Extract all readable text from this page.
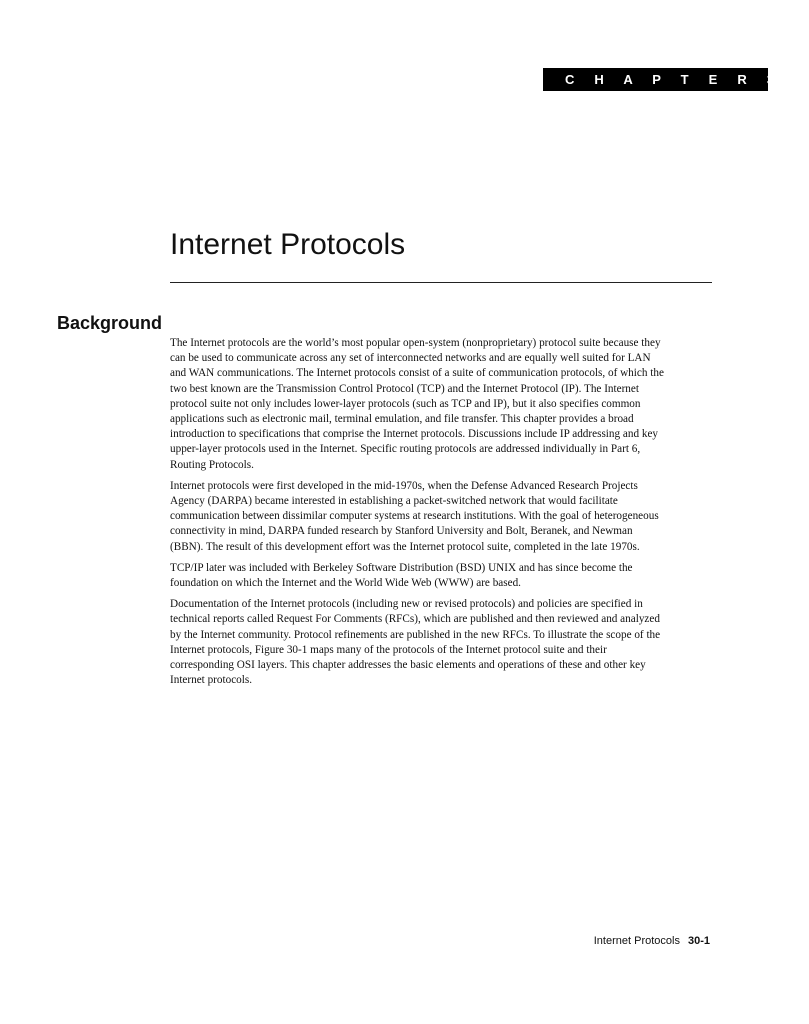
C H A P T E R 3 0
Internet Protocols
Background

The Internet protocols are the world’s most popular open-system (nonproprietary) protocol suite because they can be used to communicate across any set of interconnected networks and are equally well suited for LAN and WAN communications. The Internet protocols consist of a suite of communication protocols, of which the two best known are the Transmission Control Protocol (TCP) and the Internet Protocol (IP). The Internet protocol suite not only includes lower-layer protocols (such as TCP and IP), but it also specifies common applications such as electronic mail, terminal emulation, and file transfer. This chapter provides a broad introduction to specifications that comprise the Internet protocols. Discussions include IP addressing and key upper-layer protocols used in the Internet. Specific routing protocols are addressed individually in Part 6, Routing Protocols.

Internet protocols were first developed in the mid-1970s, when the Defense Advanced Research Projects Agency (DARPA) became interested in establishing a packet-switched network that would facilitate communication between dissimilar computer systems at research institutions. With the goal of heterogeneous connectivity in mind, DARPA funded research by Stanford University and Bolt, Beranek, and Newman (BBN). The result of this development effort was the Internet protocol suite, completed in the late 1970s.

TCP/IP later was included with Berkeley Software Distribution (BSD) UNIX and has since become the foundation on which the Internet and the World Wide Web (WWW) are based.

Documentation of the Internet protocols (including new or revised protocols) and policies are specified in technical reports called Request For Comments (RFCs), which are published and then reviewed and analyzed by the Internet community. Protocol refinements are published in the new RFCs. To illustrate the scope of the Internet protocols, Figure 30-1 maps many of the protocols of the Internet protocol suite and their corresponding OSI layers. This chapter addresses the basic elements and operations of these and other key Internet protocols.

Internet Protocols 30-1
